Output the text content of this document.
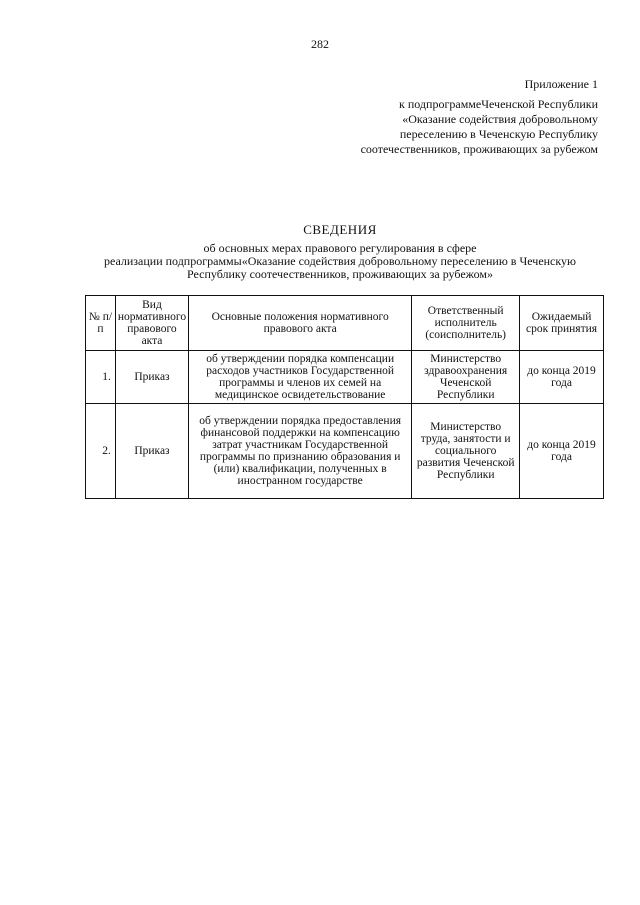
282
Приложение 1
к подпрограммеЧеченской Республики
«Оказание содействия добровольному
переселению в Чеченскую Республику
соотечественников, проживающих за рубежом
СВЕДЕНИЯ
об основных мерах правового регулирования в сфере
реализации подпрограммы«Оказание содействия добровольному переселению в Чеченскую
Республику соотечественников, проживающих за рубежом»
№ п/п	Вид нормативного правового акта	Основные положения нормативного правового акта	Ответственный исполнитель (соисполнитель)	Ожидаемый срок принятия
1.	Приказ	об утверждении порядка компенсации расходов участников Государственной программы и членов их семей на медицинское освидетельствование	Министерство здравоохранения Чеченской Республики	до конца 2019 года
2.	Приказ	об утверждении порядка предоставления финансовой поддержки на компенсацию затрат участникам Государственной программы по признанию образования и (или) квалификации, полученных в иностранном государстве	Министерство труда, занятости и социального развития Чеченской Республики	до конца 2019 года
